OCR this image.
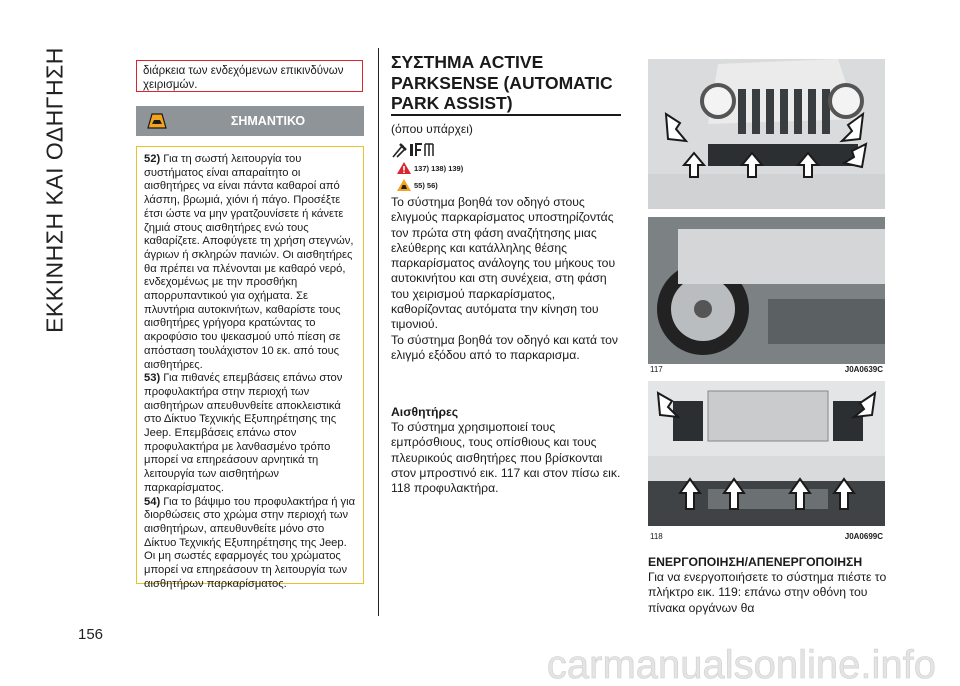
ΕΚΚΙΝΗΣΗ ΚΑΙ ΟΔΗΓΗΣΗ
156
διάρκεια των ενδεχόμενων επικινδύνων χειρισμών.
ΣΗΜΑΝΤΙΚΟ

52) Για τη σωστή λειτουργία του συστήματος είναι απαραίτητο οι αισθητήρες να είναι πάντα καθαροί από λάσπη, βρωμιά, χιόνι ή πάγο. Προσέξτε έτσι ώστε να μην γρατζουνίσετε ή κάνετε ζημιά στους αισθητήρες ενώ τους καθαρίζετε. Αποφύγετε τη χρήση στεγνών, άγριων ή σκληρών πανιών. Οι αισθητήρες θα πρέπει να πλένονται με καθαρό νερό, ενδεχομένως με την προσθήκη απορρυπαντικού για οχήματα. Σε πλυντήρια αυτοκινήτων, καθαρίστε τους αισθητήρες γρήγορα κρατώντας το ακροφύσιο του ψεκασμού υπό πίεση σε απόσταση τουλάχιστον 10 εκ. από τους αισθητήρες.

53) Για πιθανές επεμβάσεις επάνω στον προφυλακτήρα στην περιοχή των αισθητήρων απευθυνθείτε αποκλειστικά στο Δίκτυο Τεχνικής Εξυπηρέτησης της Jeep. Επεμβάσεις επάνω στον προφυλακτήρα με λανθασμένο τρόπο μπορεί να επηρεάσουν αρνητικά τη λειτουργία των αισθητήρων παρκαρίσματος.

54) Για το βάψιμο του προφυλακτήρα ή για διορθώσεις στο χρώμα στην περιοχή των αισθητήρων, απευθυνθείτε μόνο στο Δίκτυο Τεχνικής Εξυπηρέτησης της Jeep. Οι μη σωστές εφαρμογές του χρώματος μπορεί να επηρεάσουν τη λειτουργία των αισθητήρων παρκαρίσματος.

ΣΥΣΤΗΜΑ ACTIVE PARKSENSE (AUTOMATIC PARK ASSIST)
(όπου υπάρχει)
137) 138) 139)
55) 56)

Το σύστημα βοηθά τον οδηγό στους ελιγμούς παρκαρίσματος υποστηρίζοντάς τον πρώτα στη φάση αναζήτησης μιας ελεύθερης και κατάλληλης θέσης παρκαρίσματος ανάλογης του μήκους του αυτοκινήτου και στη συνέχεια, στη φάση του χειρισμού παρκαρίσματος, καθορίζοντας αυτόματα την κίνηση του τιμονιού.

Το σύστημα βοηθά τον οδηγό και κατά τον ελιγμό εξόδου από το παρκαρισμα.

Αισθητήρες
Το σύστημα χρησιμοποιεί τους εμπρόσθιους, τους οπίσθιους και τους πλευρικούς αισθητήρες που βρίσκονται στον μπροστινό εικ. 117 και στον πίσω εικ. 118 προφυλακτήρα.
117	J0A0639C
118	J0A0699C
ΕΝΕΡΓΟΠΟΙΗΣΗ/ΑΠΕΝΕΡΓΟΠΟΙΗΣΗ
Για να ενεργοποιήσετε το σύστημα πιέστε το πλήκτρο εικ. 119: επάνω στην οθόνη του πίνακα οργάνων θα
carmanualsonline.info
